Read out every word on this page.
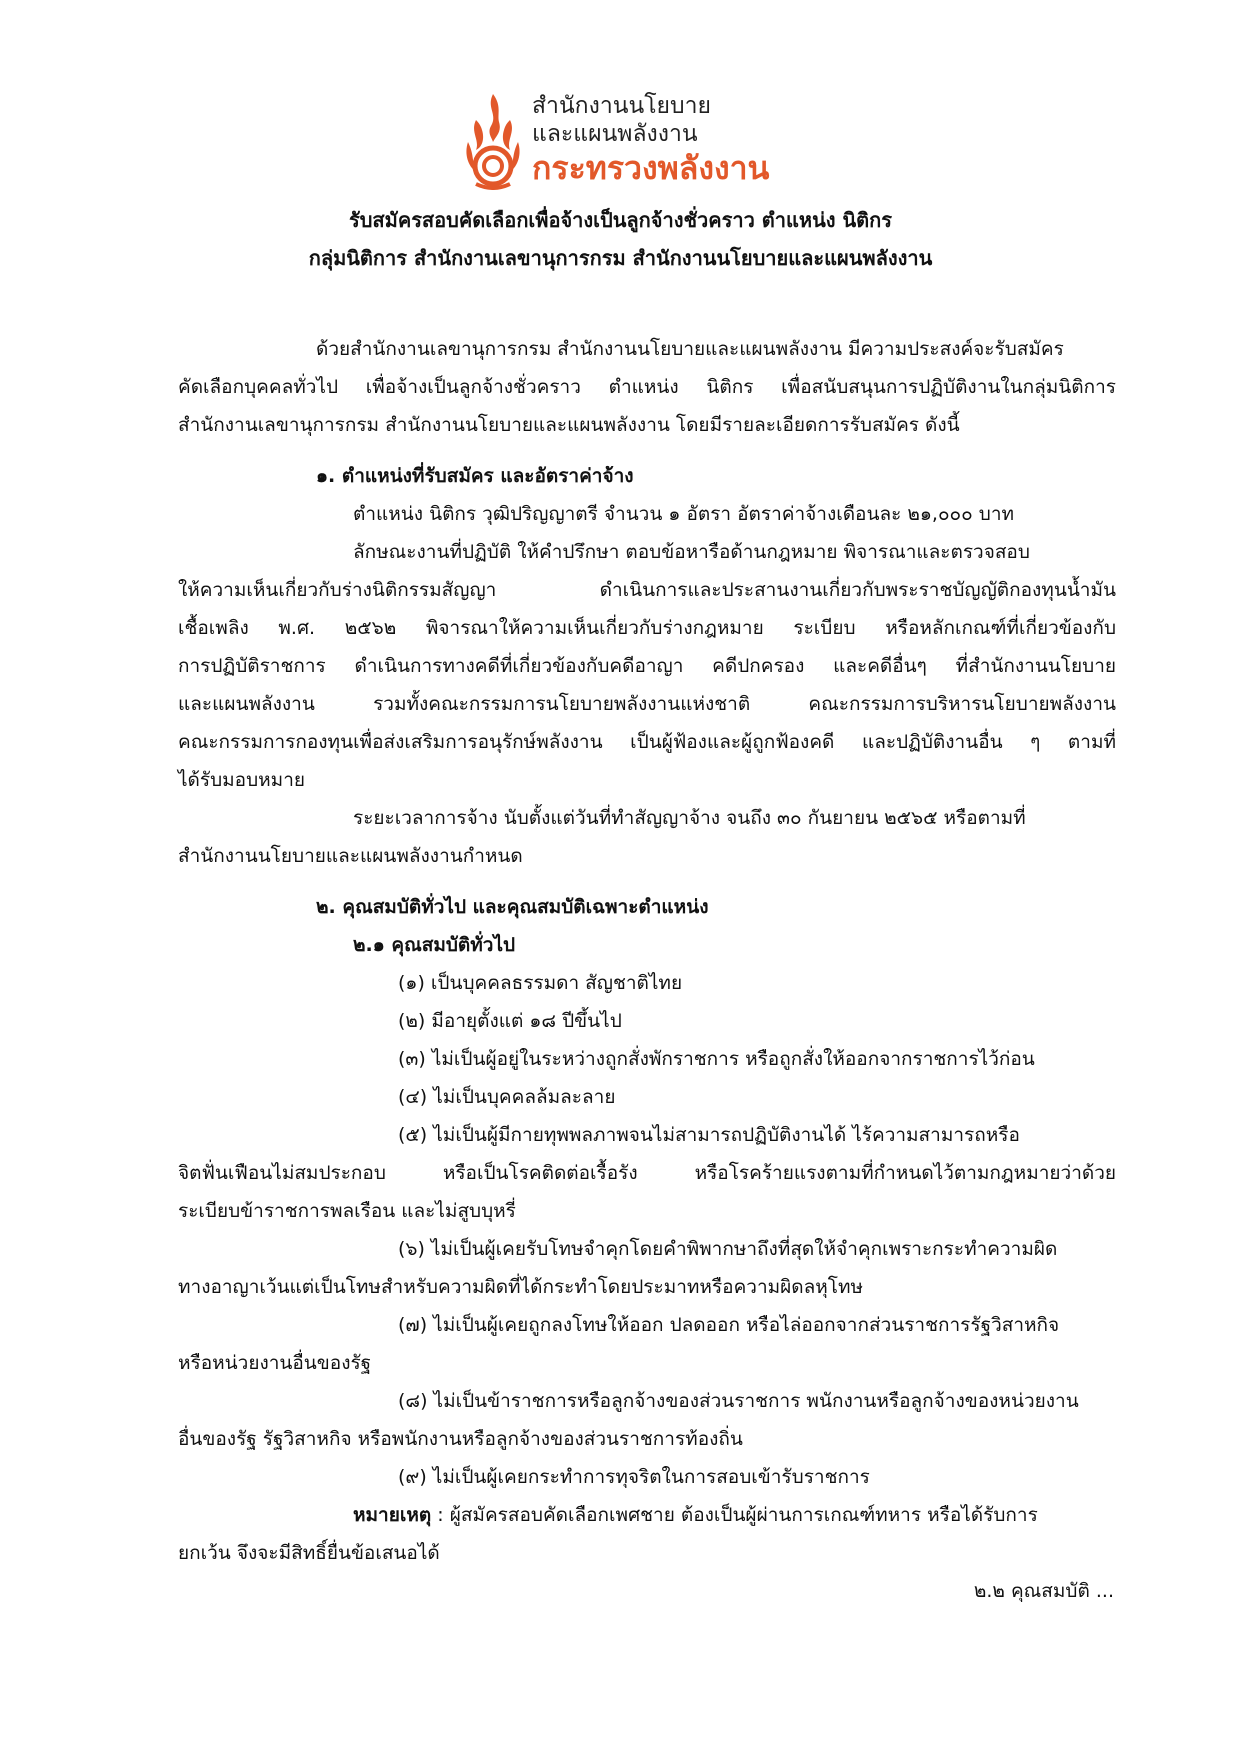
สำนักงานนโยบาย
และแผนพลังงาน
กระทรวงพลังงาน
รับสมัครสอบคัดเลือกเพื่อจ้างเป็นลูกจ้างชั่วคราว ตำแหน่ง นิติกร
กลุ่มนิติการ สำนักงานเลขานุการกรม สำนักงานนโยบายและแผนพลังงาน
ด้วยสำนักงานเลขานุการกรม สำนักงานนโยบายและแผนพลังงาน มีความประสงค์จะรับสมัคร
คัดเลือกบุคคลทั่วไป เพื่อจ้างเป็นลูกจ้างชั่วคราว ตำแหน่ง นิติกร เพื่อสนับสนุนการปฏิบัติงานในกลุ่มนิติการ
สำนักงานเลขานุการกรม สำนักงานนโยบายและแผนพลังงาน โดยมีรายละเอียดการรับสมัคร ดังนี้
๑. ตำแหน่งที่รับสมัคร และอัตราค่าจ้าง
ตำแหน่ง นิติกร วุฒิปริญญาตรี จำนวน ๑ อัตรา อัตราค่าจ้างเดือนละ ๒๑,๐๐๐ บาท
ลักษณะงานที่ปฏิบัติ ให้คำปรึกษา ตอบข้อหารือด้านกฎหมาย พิจารณาและตรวจสอบ
ให้ความเห็นเกี่ยวกับร่างนิติกรรมสัญญา ดำเนินการและประสานงานเกี่ยวกับพระราชบัญญัติกองทุนน้ำมัน
เชื้อเพลิง พ.ศ. ๒๕๖๒ พิจารณาให้ความเห็นเกี่ยวกับร่างกฎหมาย ระเบียบ หรือหลักเกณฑ์ที่เกี่ยวข้องกับ
การปฏิบัติราชการ ดำเนินการทางคดีที่เกี่ยวข้องกับคดีอาญา คดีปกครอง และคดีอื่นๆ ที่สำนักงานนโยบาย
และแผนพลังงาน รวมทั้งคณะกรรมการนโยบายพลังงานแห่งชาติ คณะกรรมการบริหารนโยบายพลังงาน
คณะกรรมการกองทุนเพื่อส่งเสริมการอนุรักษ์พลังงาน เป็นผู้ฟ้องและผู้ถูกฟ้องคดี และปฏิบัติงานอื่น ๆ ตามที่
ได้รับมอบหมาย
ระยะเวลาการจ้าง นับตั้งแต่วันที่ทำสัญญาจ้าง จนถึง ๓๐ กันยายน ๒๕๖๕ หรือตามที่
สำนักงานนโยบายและแผนพลังงานกำหนด
๒. คุณสมบัติทั่วไป และคุณสมบัติเฉพาะตำแหน่ง
๒.๑ คุณสมบัติทั่วไป
(๑) เป็นบุคคลธรรมดา สัญชาติไทย
(๒) มีอายุตั้งแต่ ๑๘ ปีขึ้นไป
(๓) ไม่เป็นผู้อยู่ในระหว่างถูกสั่งพักราชการ หรือถูกสั่งให้ออกจากราชการไว้ก่อน
(๔) ไม่เป็นบุคคลล้มละลาย
(๕) ไม่เป็นผู้มีกายทุพพลภาพจนไม่สามารถปฏิบัติงานได้ ไร้ความสามารถหรือ
จิตฟั่นเฟือนไม่สมประกอบ หรือเป็นโรคติดต่อเรื้อรัง หรือโรคร้ายแรงตามที่กำหนดไว้ตามกฎหมายว่าด้วย
ระเบียบข้าราชการพลเรือน และไม่สูบบุหรี่
(๖) ไม่เป็นผู้เคยรับโทษจำคุกโดยคำพิพากษาถึงที่สุดให้จำคุกเพราะกระทำความผิด
ทางอาญาเว้นแต่เป็นโทษสำหรับความผิดที่ได้กระทำโดยประมาทหรือความผิดลหุโทษ
(๗) ไม่เป็นผู้เคยถูกลงโทษให้ออก ปลดออก หรือไล่ออกจากส่วนราชการรัฐวิสาหกิจ
หรือหน่วยงานอื่นของรัฐ
(๘) ไม่เป็นข้าราชการหรือลูกจ้างของส่วนราชการ พนักงานหรือลูกจ้างของหน่วยงาน
อื่นของรัฐ รัฐวิสาหกิจ หรือพนักงานหรือลูกจ้างของส่วนราชการท้องถิ่น
(๙) ไม่เป็นผู้เคยกระทำการทุจริตในการสอบเข้ารับราชการ
หมายเหตุ : ผู้สมัครสอบคัดเลือกเพศชาย ต้องเป็นผู้ผ่านการเกณฑ์ทหาร หรือได้รับการ
ยกเว้น จึงจะมีสิทธิ์ยื่นข้อเสนอได้
๒.๒ คุณสมบัติ ...
